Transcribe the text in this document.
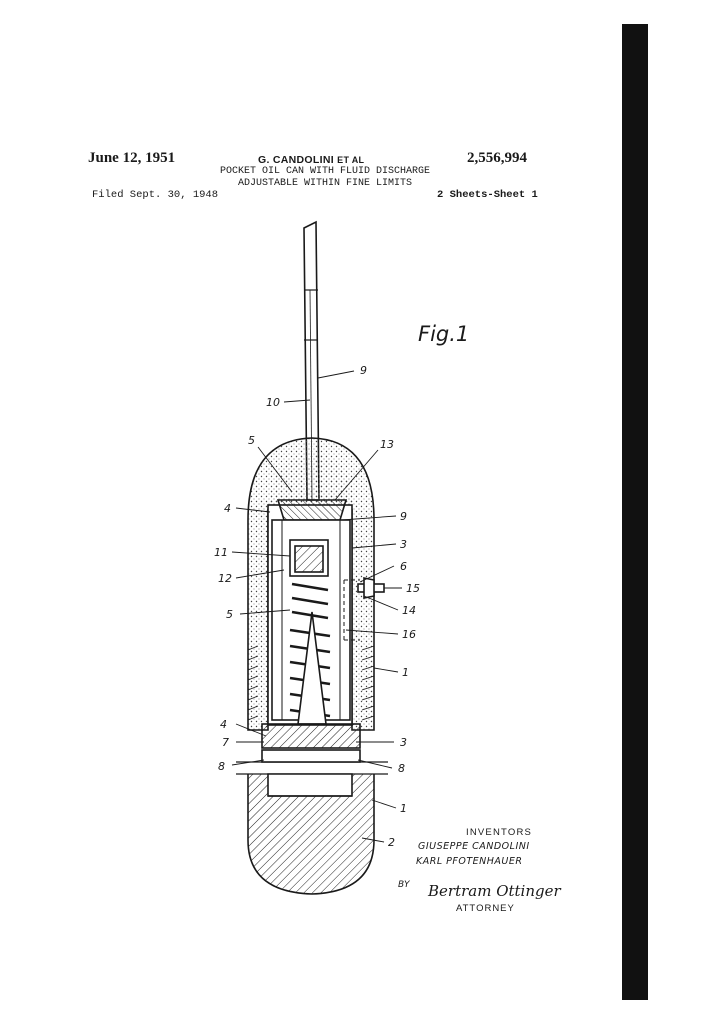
June 12, 1951	G. CANDOLINI ET AL	2,556,994
POCKET OIL CAN WITH FLUID DISCHARGE
ADJUSTABLE WITHIN FINE LIMITS
Filed Sept. 30, 1948	2 Sheets-Sheet 1
9
10
5	13
4
9
3
11
6
12
15
14
5
16
1
4
7	3
8	8
1
2
Fig.1
INVENTORS
GIUSEPPE CANDOLINI
KARL PFOTENHAUER
BY Bertram Ottinger
ATTORNEY
